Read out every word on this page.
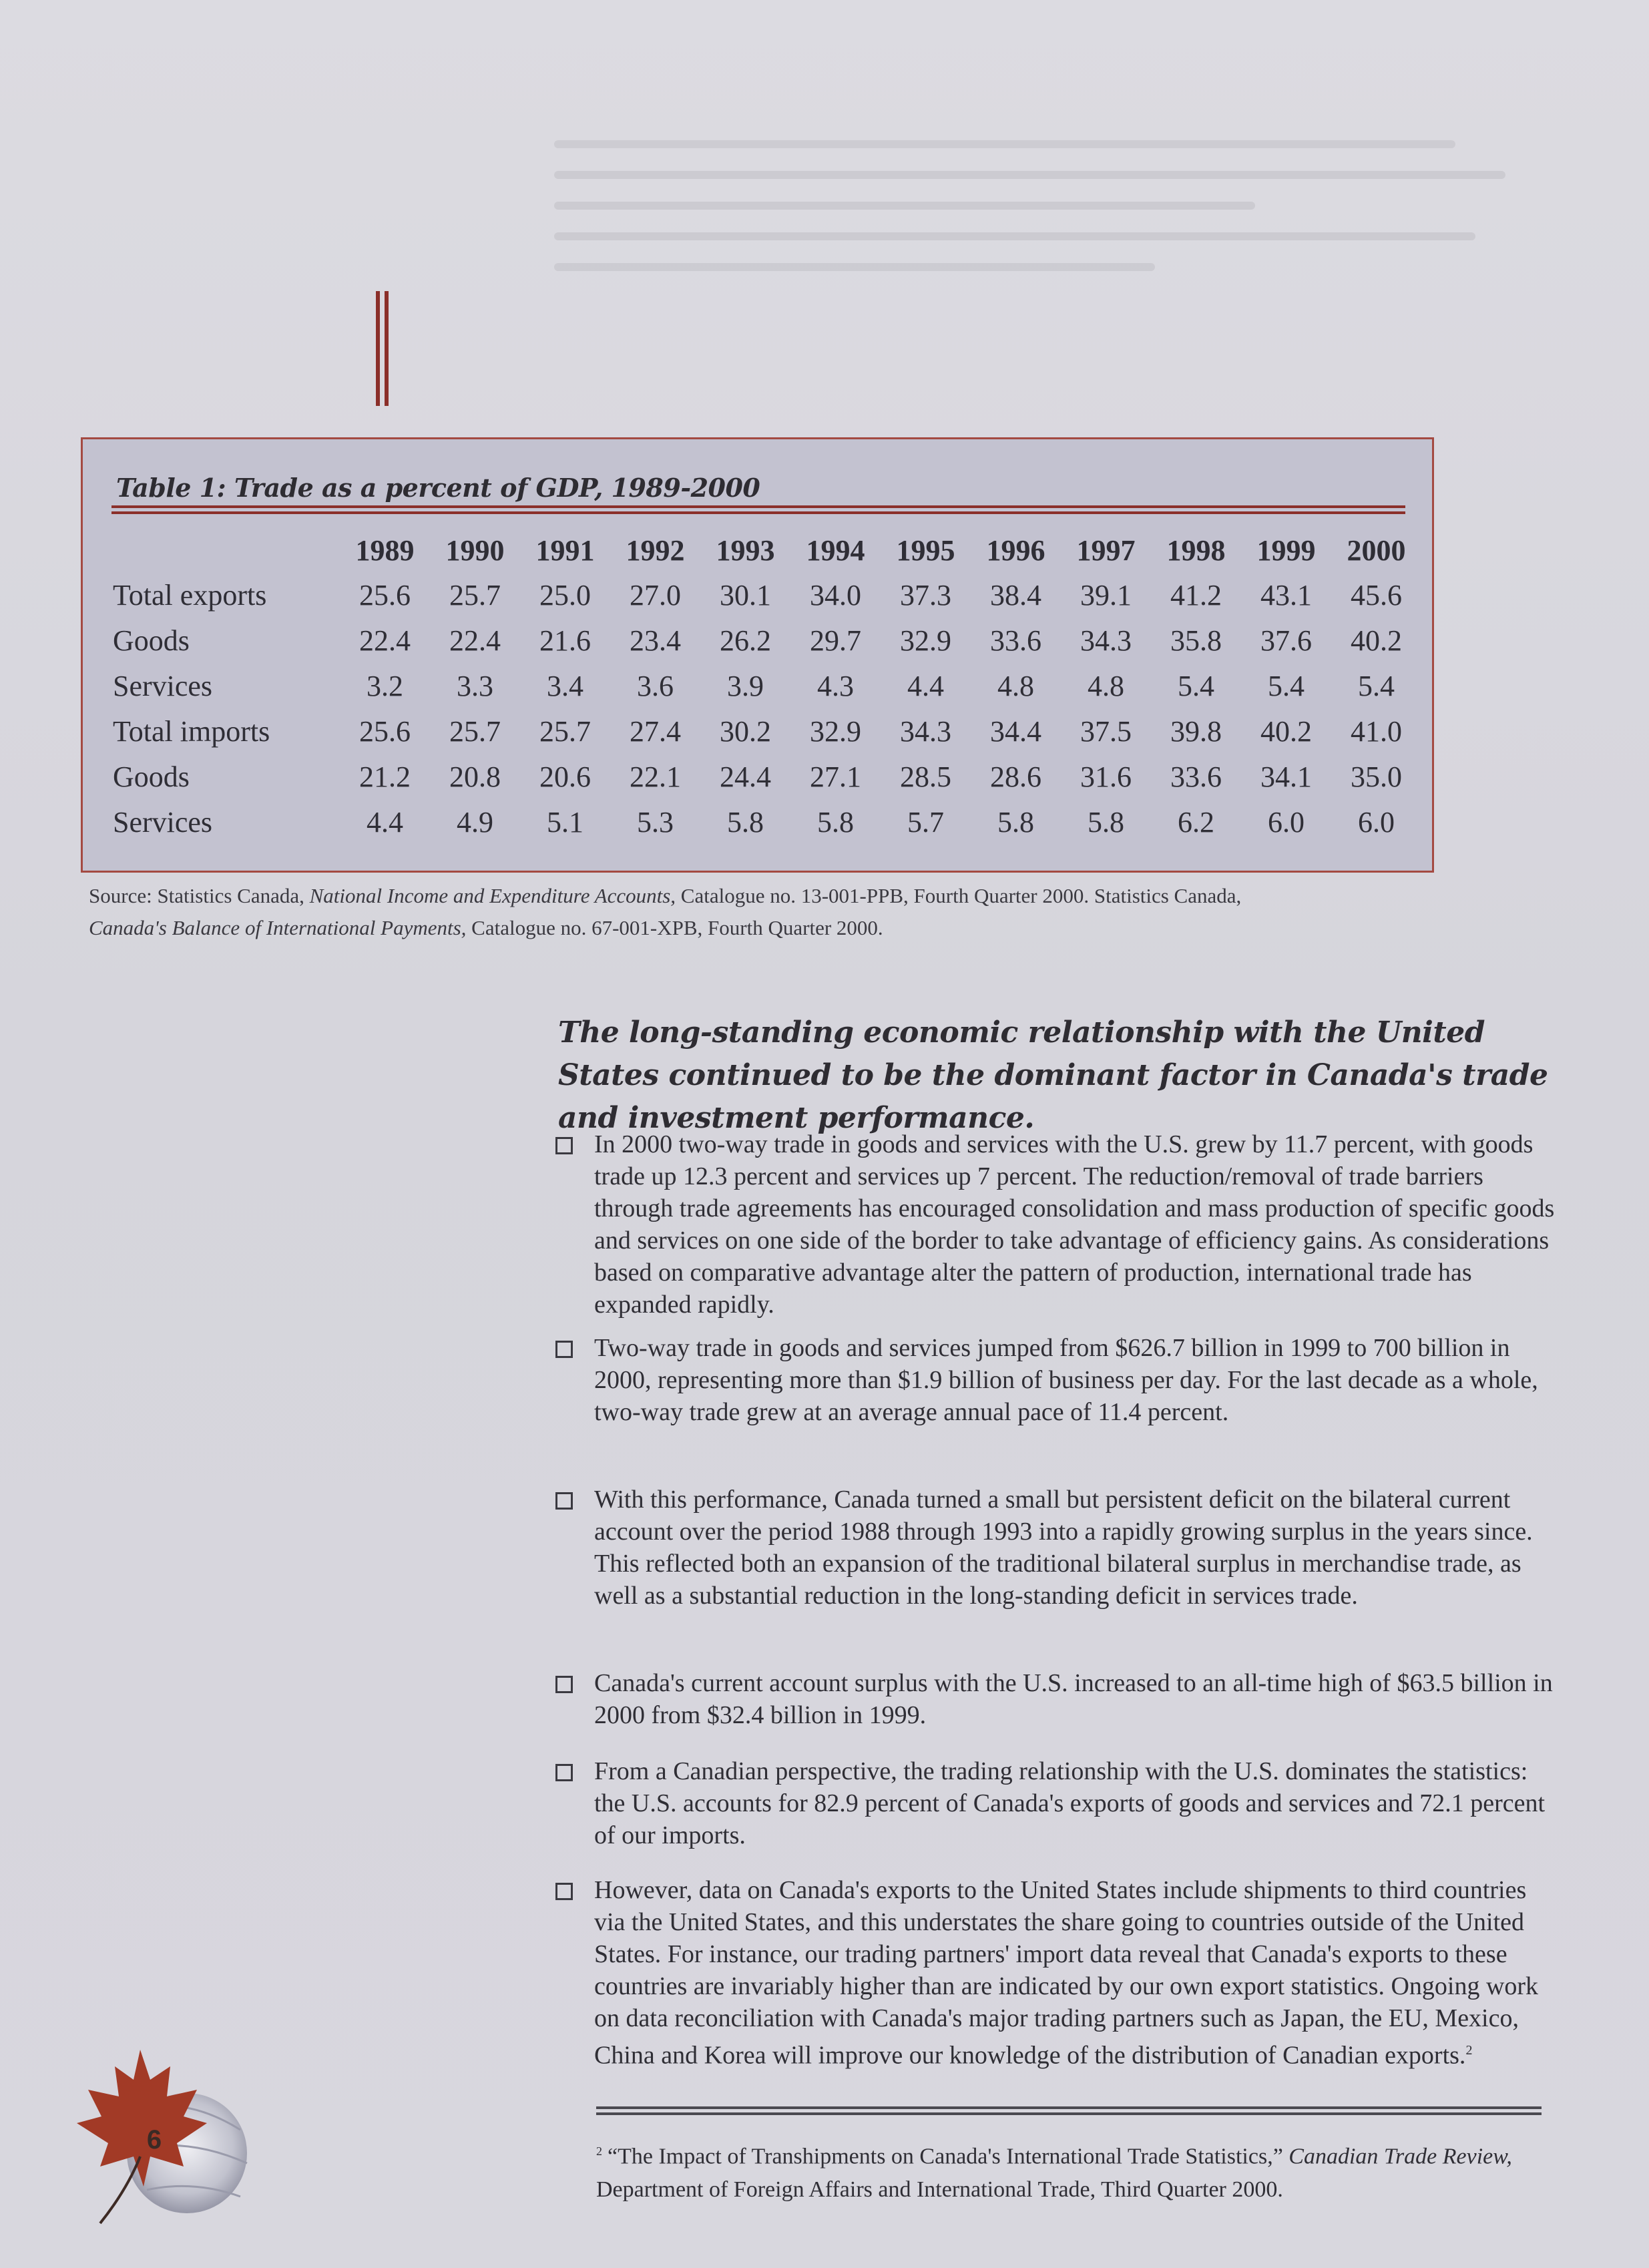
Table 1: Trade as a percent of GDP, 1989-2000
	1989	1990	1991	1992	1993	1994	1995	1996	1997	1998	1999	2000
Total exports	25.6	25.7	25.0	27.0	30.1	34.0	37.3	38.4	39.1	41.2	43.1	45.6
Goods	22.4	22.4	21.6	23.4	26.2	29.7	32.9	33.6	34.3	35.8	37.6	40.2
Services	3.2	3.3	3.4	3.6	3.9	4.3	4.4	4.8	4.8	5.4	5.4	5.4
Total imports	25.6	25.7	25.7	27.4	30.2	32.9	34.3	34.4	37.5	39.8	40.2	41.0
Goods	21.2	20.8	20.6	22.1	24.4	27.1	28.5	28.6	31.6	33.6	34.1	35.0
Services	4.4	4.9	5.1	5.3	5.8	5.8	5.7	5.8	5.8	6.2	6.0	6.0
Source: Statistics Canada, National Income and Expenditure Accounts, Catalogue no. 13-001-PPB, Fourth Quarter 2000. Statistics Canada,
Canada's Balance of International Payments, Catalogue no. 67-001-XPB, Fourth Quarter 2000.
The long-standing economic relationship with the United States continued to be the dominant factor in Canada's trade and investment performance.
In 2000 two-way trade in goods and services with the U.S. grew by 11.7 percent, with goods trade up 12.3 percent and services up 7 percent. The reduction/removal of trade barriers through trade agreements has encouraged consolidation and mass production of specific goods and services on one side of the border to take advantage of efficiency gains. As considerations based on comparative advantage alter the pattern of production, international trade has expanded rapidly.
Two-way trade in goods and services jumped from $626.7 billion in 1999 to 700 billion in 2000, representing more than $1.9 billion of business per day. For the last decade as a whole, two-way trade grew at an average annual pace of 11.4 percent.
With this performance, Canada turned a small but persistent deficit on the bilateral current account over the period 1988 through 1993 into a rapidly growing surplus in the years since. This reflected both an expansion of the traditional bilateral surplus in merchandise trade, as well as a substantial reduction in the long-standing deficit in services trade.
Canada's current account surplus with the U.S. increased to an all-time high of $63.5 billion in 2000 from $32.4 billion in 1999.
From a Canadian perspective, the trading relationship with the U.S. dominates the statistics: the U.S. accounts for 82.9 percent of Canada's exports of goods and services and 72.1 percent of our imports.
However, data on Canada's exports to the United States include shipments to third countries via the United States, and this understates the share going to countries outside of the United States. For instance, our trading partners' import data reveal that Canada's exports to these countries are invariably higher than are indicated by our own export statistics. Ongoing work on data reconciliation with Canada's major trading partners such as Japan, the EU, Mexico, China and Korea will improve our knowledge of the distribution of Canadian exports.$^2$
$^2$ “The Impact of Transhipments on Canada's International Trade Statistics,” Canadian Trade Review, Department of Foreign Affairs and International Trade, Third Quarter 2000.
6
